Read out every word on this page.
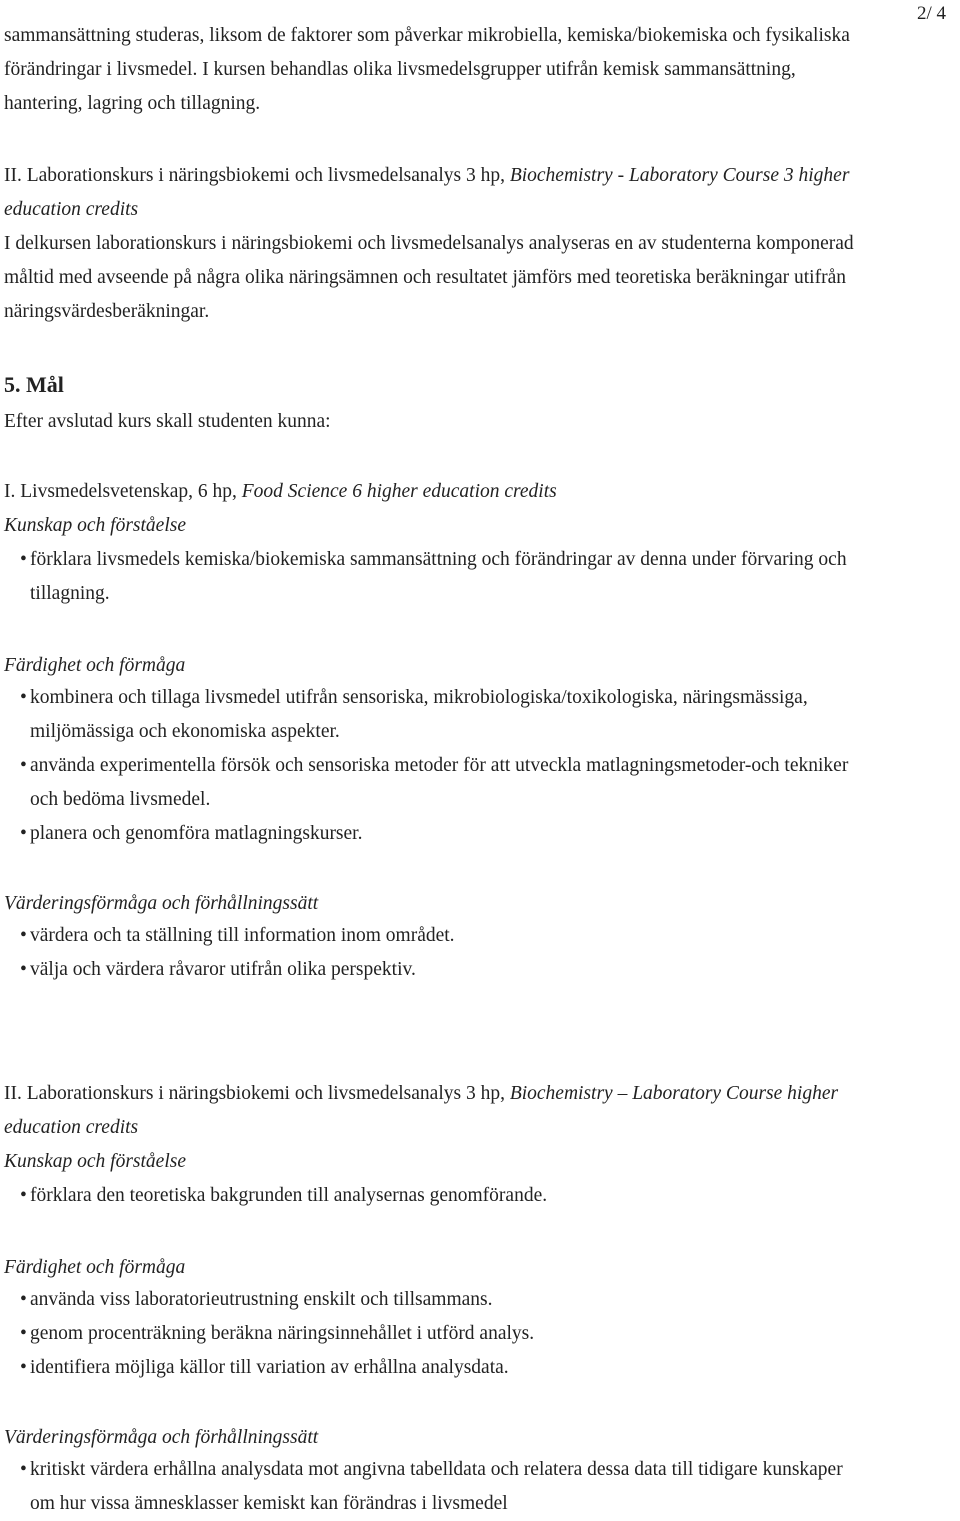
2/ 4

sammansättning studeras, liksom de faktorer som påverkar mikrobiella, kemiska/biokemiska och fysikaliska

förändringar i livsmedel. I kursen behandlas olika livsmedelsgrupper utifrån kemisk sammansättning,

hantering, lagring och tillagning.

II. Laborationskurs i näringsbiokemi och livsmedelsanalys 3 hp, Biochemistry - Laboratory Course 3 higher

education credits

I delkursen laborationskurs i näringsbiokemi och livsmedelsanalys analyseras en av studenterna komponerad

måltid med avseende på några olika näringsämnen och resultatet jämförs med teoretiska beräkningar utifrån

näringsvärdesberäkningar.

5. Mål

Efter avslutad kurs skall studenten kunna:

I. Livsmedelsvetenskap, 6 hp, Food Science 6 higher education credits

Kunskap och förståelse

• förklara livsmedels kemiska/biokemiska sammansättning och förändringar av denna under förvaring och

tillagning.

Färdighet och förmåga

• kombinera och tillaga livsmedel utifrån sensoriska, mikrobiologiska/toxikologiska, näringsmässiga,

miljömässiga och ekonomiska aspekter.

• använda experimentella försök och sensoriska metoder för att utveckla matlagningsmetoder-och tekniker

och bedöma livsmedel.

• planera och genomföra matlagningskurser.

Värderingsförmåga och förhållningssätt

• värdera och ta ställning till information inom området.

• välja och värdera råvaror utifrån olika perspektiv.

II. Laborationskurs i näringsbiokemi och livsmedelsanalys 3 hp, Biochemistry – Laboratory Course higher

education credits

Kunskap och förståelse

• förklara den teoretiska bakgrunden till analysernas genomförande.

Färdighet och förmåga

• använda viss laboratorieutrustning enskilt och tillsammans.

• genom procenträkning beräkna näringsinnehållet i utförd analys.

• identifiera möjliga källor till variation av erhållna analysdata.

Värderingsförmåga och förhållningssätt

• kritiskt värdera erhållna analysdata mot angivna tabelldata och relatera dessa data till tidigare kunskaper

om hur vissa ämnesklasser kemiskt kan förändras i livsmedel
